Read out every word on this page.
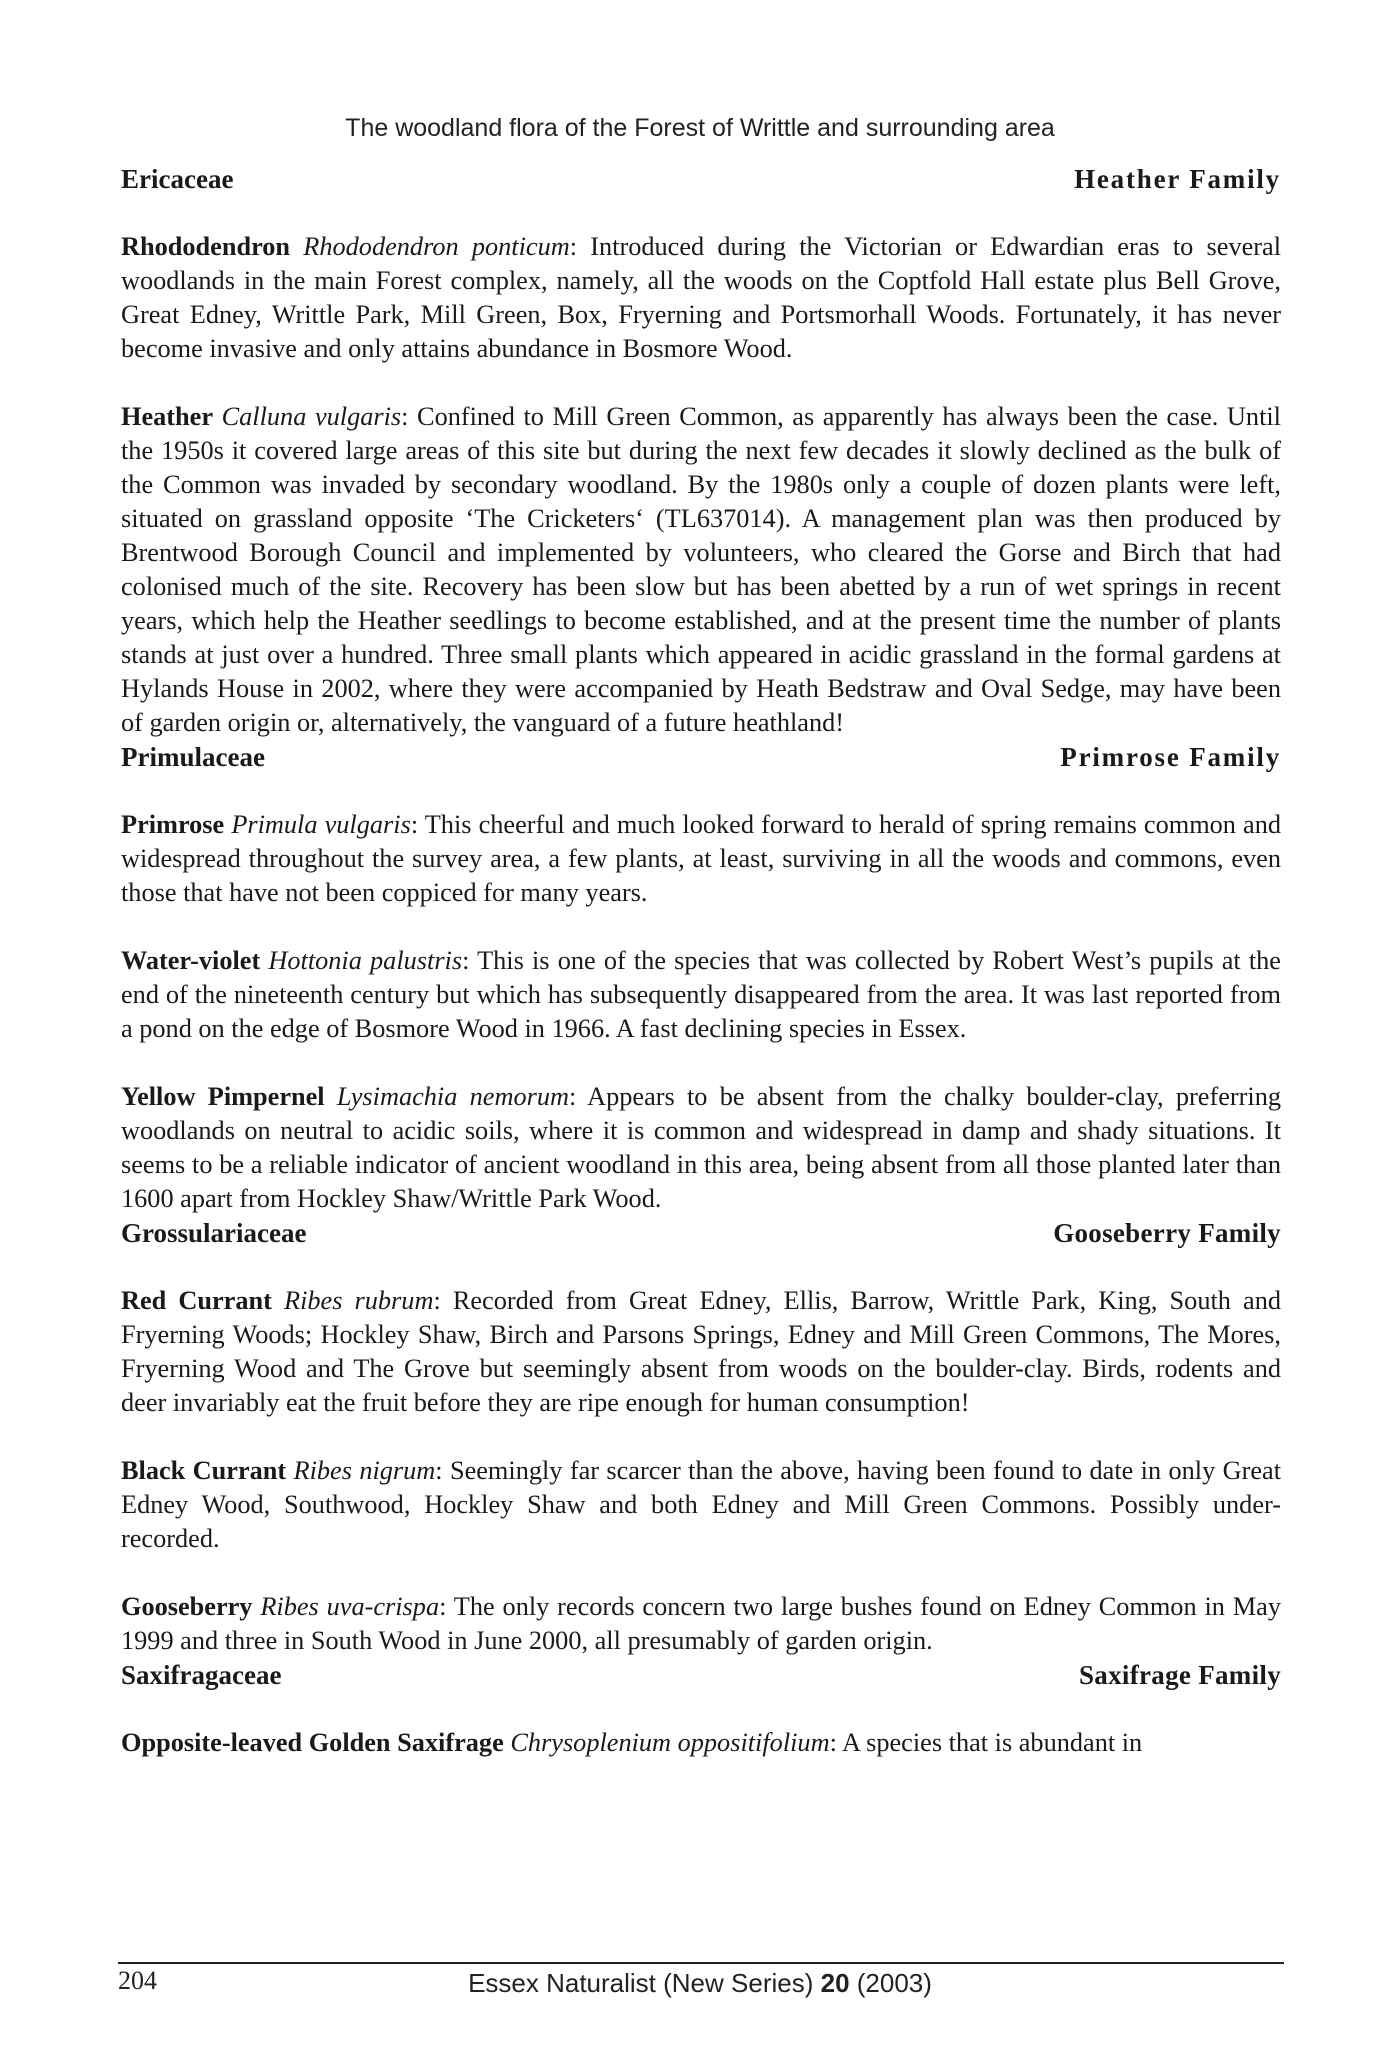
The woodland flora of the Forest of Writtle and surrounding area
Ericaceae	Heather Family

Rhododendron Rhododendron ponticum: Introduced during the Victorian or Edwardian eras to several woodlands in the main Forest complex, namely, all the woods on the Coptfold Hall estate plus Bell Grove, Great Edney, Writtle Park, Mill Green, Box, Fryerning and Portsmorhall Woods. Fortunately, it has never become invasive and only attains abundance in Bosmore Wood.

Heather Calluna vulgaris: Confined to Mill Green Common, as apparently has always been the case. Until the 1950s it covered large areas of this site but during the next few decades it slowly declined as the bulk of the Common was invaded by secondary woodland. By the 1980s only a couple of dozen plants were left, situated on grassland opposite ‘The Cricketers‘ (TL637014). A management plan was then produced by Brentwood Borough Council and implemented by volunteers, who cleared the Gorse and Birch that had colonised much of the site. Recovery has been slow but has been abetted by a run of wet springs in recent years, which help the Heather seedlings to become established, and at the present time the number of plants stands at just over a hundred. Three small plants which appeared in acidic grassland in the formal gardens at Hylands House in 2002, where they were accompanied by Heath Bedstraw and Oval Sedge, may have been of garden origin or, alternatively, the vanguard of a future heathland!

Primulaceae	Primrose Family

Primrose Primula vulgaris: This cheerful and much looked forward to herald of spring remains common and widespread throughout the survey area, a few plants, at least, surviving in all the woods and commons, even those that have not been coppiced for many years.

Water-violet Hottonia palustris: This is one of the species that was collected by Robert West’s pupils at the end of the nineteenth century but which has subsequently disappeared from the area. It was last reported from a pond on the edge of Bosmore Wood in 1966. A fast declining species in Essex.

Yellow Pimpernel Lysimachia nemorum: Appears to be absent from the chalky boulder-clay, preferring woodlands on neutral to acidic soils, where it is common and widespread in damp and shady situations. It seems to be a reliable indicator of ancient woodland in this area, being absent from all those planted later than 1600 apart from Hockley Shaw/Writtle Park Wood.

Grossulariaceae	Gooseberry Family

Red Currant Ribes rubrum: Recorded from Great Edney, Ellis, Barrow, Writtle Park, King, South and Fryerning Woods; Hockley Shaw, Birch and Parsons Springs, Edney and Mill Green Commons, The Mores, Fryerning Wood and The Grove but seemingly absent from woods on the boulder-clay. Birds, rodents and deer invariably eat the fruit before they are ripe enough for human consumption!

Black Currant Ribes nigrum: Seemingly far scarcer than the above, having been found to date in only Great Edney Wood, Southwood, Hockley Shaw and both Edney and Mill Green Commons. Possibly under-recorded.

Gooseberry Ribes uva-crispa: The only records concern two large bushes found on Edney Common in May 1999 and three in South Wood in June 2000, all presumably of garden origin.

Saxifragaceae	Saxifrage Family

Opposite-leaved Golden Saxifrage Chrysoplenium oppositifolium: A species that is abundant in

204	Essex Naturalist (New Series) 20 (2003)
